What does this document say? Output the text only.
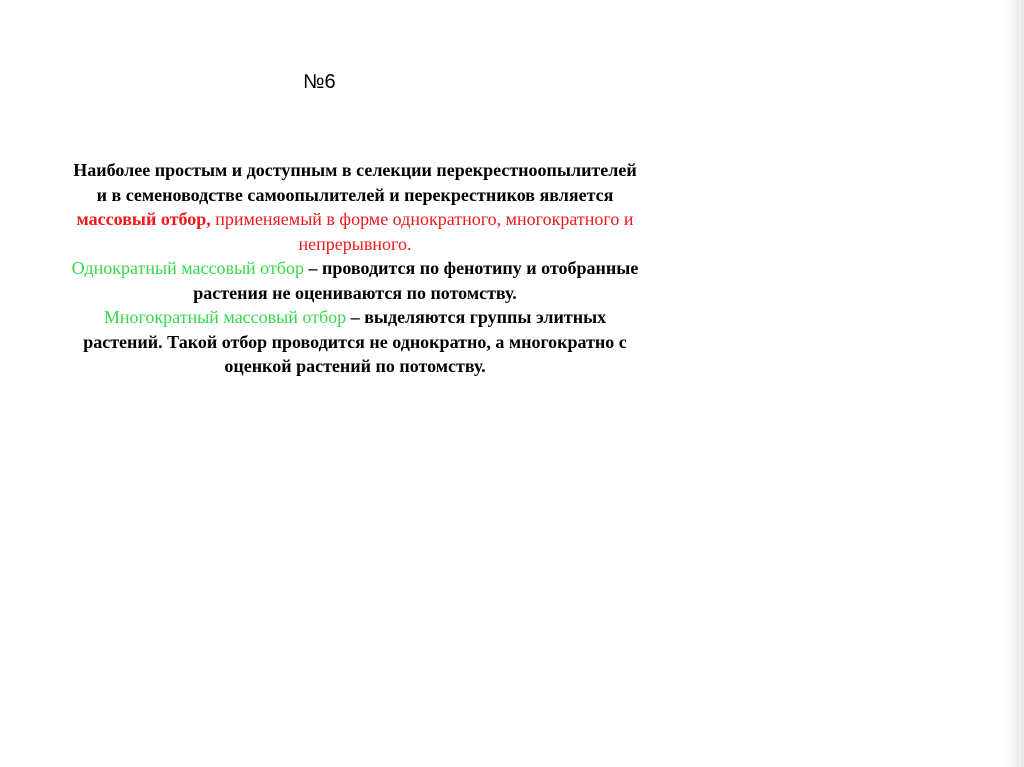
№6

Наиболее простым и доступным в селекции перекрестноопылителей и в семеноводстве самоопылителей и перекрестников является массовый отбор, применяемый в форме однократного, многократного и непрерывного.

Однократный массовый отбор – проводится по фенотипу и отобранные растения не оцениваются по потомству.

Многократный массовый отбор – выделяются группы элитных растений. Такой отбор проводится не однократно, а многократно с оценкой растений по потомству.
